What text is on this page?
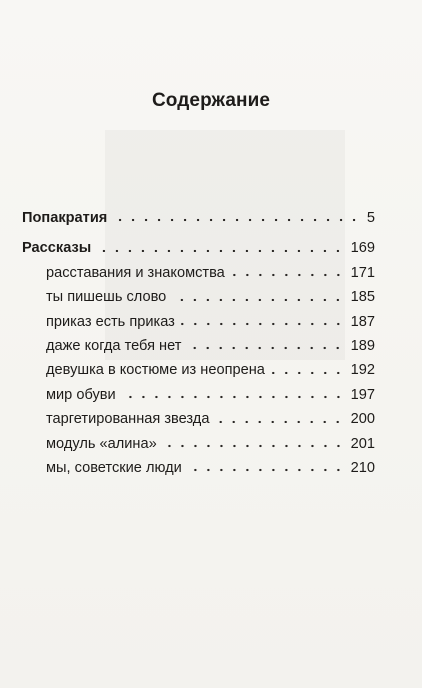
Содержание
Попакратия	5
Рассказы	169
расставания и знакомства	171
ты пишешь слово	185
приказ есть приказ	187
даже когда тебя нет	189
девушка в костюме из неопрена	192
мир обуви	197
таргетированная звезда	200
модуль «алина»	201
мы, советские люди	210
